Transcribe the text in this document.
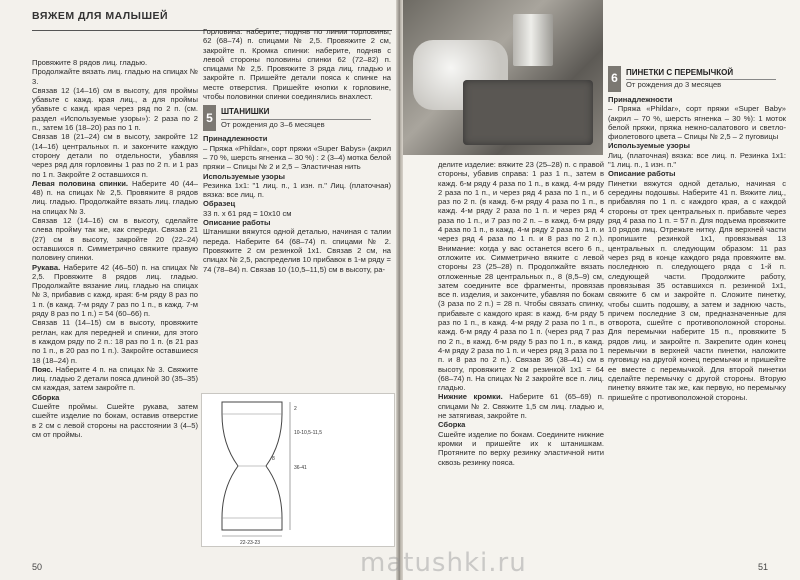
ВЯЖЕМ ДЛЯ МАЛЫШЕЙ

Провяжите 8 рядов лиц. гладью.

Продолжайте вязать лиц. гладью на спицах № 3.

Связав 12 (14–16) см в высоту, для проймы убавьте с кажд. края лиц., а для проймы убавьте с кажд. края через ряд по 2 п. (см. раздел «Используемые узоры»): 2 раза по 2 п., затем 16 (18–20) раз по 1 п.

Связав 18 (21–24) см в высоту, закройте 12 (14–16) центральных п. и закончите каждую сторону детали по отдельности, убавляя через ряд для горловины 1 раз по 2 п. и 1 раз по 1 п. Закройте 2 оставшихся п.

Левая половина спинки. Наберите 40 (44–48) п. на спицах № 2,5. Провяжите 8 рядов лиц. гладью. Продолжайте вязать лиц. гладью на спицах № 3.

Связав 12 (14–16) см в высоту, сделайте слева пройму так же, как спереди. Связав 21 (27) см в высоту, закройте 20 (22–24) оставшихся п. Симметрично свяжите правую половину спинки.

Рукава. Наберите 42 (46–50) п. на спицах № 2,5. Провяжите 8 рядов лиц. гладью. Продолжайте вязание лиц. гладью на спицах № 3, прибавив с кажд. края: 6-м ряду 8 раз по 1 п. (в кажд. 7-м ряду 7 раз по 1 п., в кажд. 7-м ряду 8 раз по 1 п.) = 54 (60–66) п.

Связав 11 (14–15) см в высоту, провяжите реглан, как для передней и спинки, для этого в каждом ряду по 2 п.: 18 раз по 1 п. (в 21 раз по 1 п., в 20 раз по 1 п.). Закройте оставшиеся 18 (18–24) п.

Пояс. Наберите 4 п. на спицах № 3. Свяжите лиц. гладью 2 детали пояса длиной 30 (35–35) см каждая, затем закройте п.

Сборка

Сшейте проймы. Сшейте рукава, затем сшейте изделие по бокам, оставив отверстие в 2 см с левой стороны на расстоянии 3 (4–5) см от проймы.

Горловина: наберите, подняв по линии горловины, 62 (68–74) п. спицами № 2,5. Провяжите 2 см, закройте п. Кромка спинки: наберите, подняв с левой стороны половины спинки 62 (72–82) п. спицами № 2,5. Провяжите 3 ряда лиц. гладью и закройте п. Пришейте детали пояса к спинке на месте отверстия. Пришейте кнопки к горловине, чтобы половинки спинки соединялись внахлест.

5	ШТАНИШКИ
От рождения до 3–6 месяцев

Принадлежности

– Пряжа «Phildar», сорт пряжи «Super Babys» (акрил – 70 %, шерсть ягненка – 30 %) : 2 (3–4) мотка белой пряжи – Спицы № 2 и 2,5 – Эластичная нить

Используемые узоры

Резинка 1х1: "1 лиц. п., 1 изн. п." Лиц. (платочная) вязка: все лиц. п.

Образец

33 п. х 61 ряд = 10х10 см

Описание работы

Штанишки вяжутся одной деталью, начиная с талии переда. Наберите 64 (68–74) п. спицами № 2. Провяжите 2 см резинкой 1х1. Связав 2 см, на спицах № 2,5, распределив 10 прибавок в 1-м ряду = 74 (78–84) п. Связав 10 (10,5–11,5) см в высоту, ра-

8
22-23-23
36-41
10-10,5-11,5
2
50

делите изделие: вяжите 23 (25–28) п. с правой стороны, убавив справа: 1 раз 1 п., затем в кажд. 6-м ряду 4 раза по 1 п., в кажд. 4-м ряду 2 раза по 1 п., и через ряд 4 раза по 1 п., и 6 раз по 2 п. (в кажд. 6-м ряду 4 раза по 1 п., в кажд. 4-м ряду 2 раза по 1 п. и через ряд 4 раза по 1 п., и 7 раз по 2 п. – в кажд. 6-м ряду 4 раза по 1 п., в кажд. 4-м ряду 2 раза по 1 п. и через ряд 4 раза по 1 п. и 8 раз по 2 п.). Внимание: когда у вас останется всего 6 п., отложите их. Симметрично вяжите с левой стороны 23 (25–28) п. Продолжайте вязать отложенные 28 центральных п., 8 (8,5–9) см, затем соедините все фрагменты, провязав все п. изделия, и закончите, убавляя по бокам (3 раза по 2 п.) = 28 п. Чтобы связать спинку, прибавьте с каждого края: в кажд. 6-м ряду 5 раз по 1 п., в кажд. 4-м ряду 2 раза по 1 п., в кажд. 6-м ряду 4 раза по 1 п. (через ряд 7 раз по 2 п., в кажд. 6-м ряду 5 раз по 1 п., в кажд. 4-м ряду 2 раза по 1 п. и через ряд 3 раза по 1 п. и 8 раз по 2 п.). Связав 36 (38–41) см в высоту, провяжите 2 см резинкой 1х1 = 64 (68–74) п. На спицах № 2 закройте все п. лиц. гладью.

Нижние кромки. Наберите 61 (65–69) п. спицами № 2. Свяжите 1,5 см лиц. гладью и, не затягивая, закройте п.

Сборка

Сшейте изделие по бокам. Соедините нижние кромки и пришейте их к штанишкам. Протяните по верху резинку эластичной нити сквозь резинку пояса.

6	ПИНЕТКИ С ПЕРЕМЫЧКОЙ
От рождения до 3 месяцев

Принадлежности

– Пряжа «Phildar», сорт пряжи «Super Baby» (акрил – 70 %, шерсть ягненка – 30 %): 1 моток белой пряжи, пряжа нежно-салатового и светло-фиолетового цвета – Спицы № 2,5 – 2 пуговицы

Используемые узоры

Лиц. (платочная) вязка: все лиц. п. Резинка 1х1: "1 лиц. п., 1 изн. п."

Описание работы

Пинетки вяжутся одной деталью, начиная с середины подошвы. Наберите 41 п. Вяжите лиц., прибавляя по 1 п. с каждого края, а с каждой стороны от трех центральных п. прибавьте через ряд 4 раза по 1 п. = 57 п. Для подъема провяжите 10 рядов лиц. Отрежьте нитку. Для верхней части пропишите резинкой 1х1, провязывая 13 центральных п. следующим образом: 11 раз через ряд в конце каждого ряда провяжите вм. последнюю п. следующего ряда с 1-й п. следующей части. Продолжите работу, провязывая 35 оставшихся п. резинкой 1х1, свяжите 6 см и закройте п. Сложите пинетку, чтобы сшить подошву, а затем и заднюю часть, причем последние 3 см, предназначенные для отворота, сшейте с противоположной стороны. Для перемычки наберите 15 п., провяжите 5 рядов лиц. и закройте п. Закрепите один конец перемычки в верхней части пинетки, наложите пуговицу на другой конец перемычки и пришейте ее вместе с перемычкой. Для второй пинетки сделайте перемычку с другой стороны. Вторую пинетку вяжите так же, как первую, но перемычку пришейте с противоположной стороны.

51
matushki.ru
